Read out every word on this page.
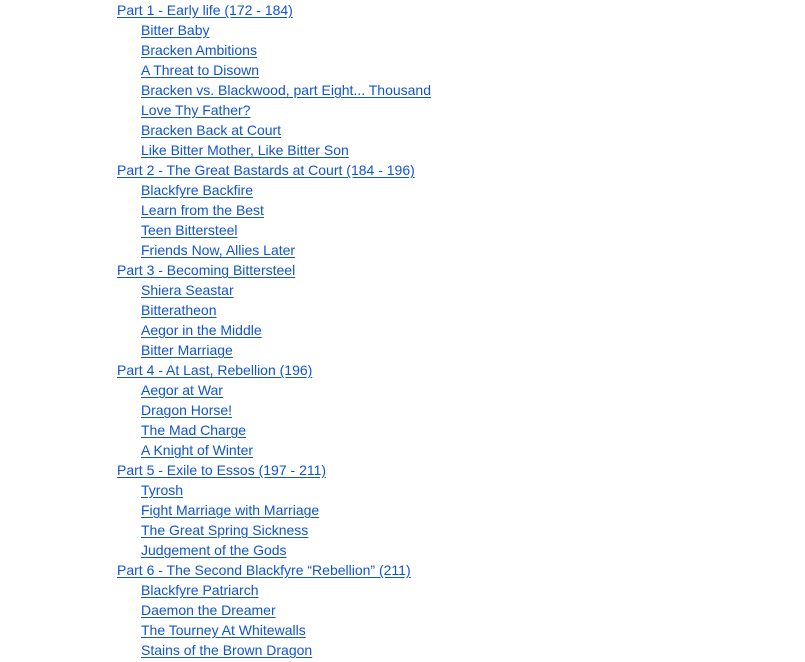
Part 1 - Early life (172 - 184)
Bitter Baby
Bracken Ambitions
A Threat to Disown
Bracken vs. Blackwood, part Eight... Thousand
Love Thy Father?
Bracken Back at Court
Like Bitter Mother, Like Bitter Son
Part 2 - The Great Bastards at Court (184 - 196)
Blackfyre Backfire
Learn from the Best
Teen Bittersteel
Friends Now, Allies Later
Part 3 - Becoming Bittersteel
Shiera Seastar
Bitteratheon
Aegor in the Middle
Bitter Marriage
Part 4 - At Last, Rebellion (196)
Aegor at War
Dragon Horse!
The Mad Charge
A Knight of Winter
Part 5 - Exile to Essos (197 - 211)
Tyrosh
Fight Marriage with Marriage
The Great Spring Sickness
Judgement of the Gods
Part 6 - The Second Blackfyre “Rebellion” (211)
Blackfyre Patriarch
Daemon the Dreamer
The Tourney At Whitewalls
Stains of the Brown Dragon
